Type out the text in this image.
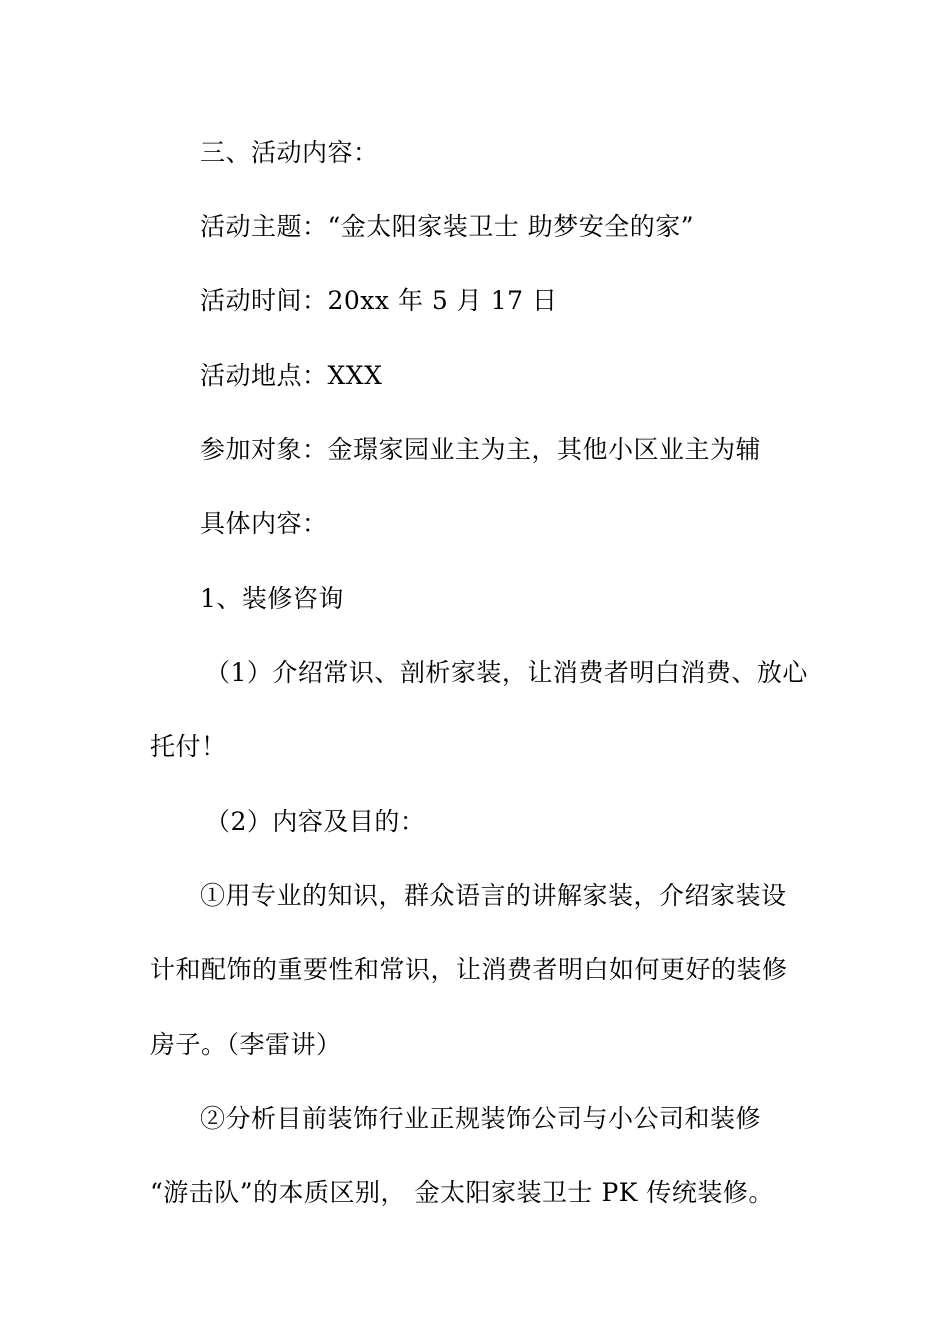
三、活动内容：
活动主题：“金太阳家装卫士 助梦安全的家”
活动时间：20xx 年 5 月 17 日
活动地点：XXX
参加对象：金璟家园业主为主，其他小区业主为辅
具体内容：
1、装修咨询
（1）介绍常识、剖析家装，让消费者明白消费、放心
托付！
（2）内容及目的：
①用专业的知识，群众语言的讲解家装，介绍家装设
计和配饰的重要性和常识，让消费者明白如何更好的装修
房子。（李雷讲）
②分析目前装饰行业正规装饰公司与小公司和装修
“游击队”的本质区别， 金太阳家装卫士 PK 传统装修。
